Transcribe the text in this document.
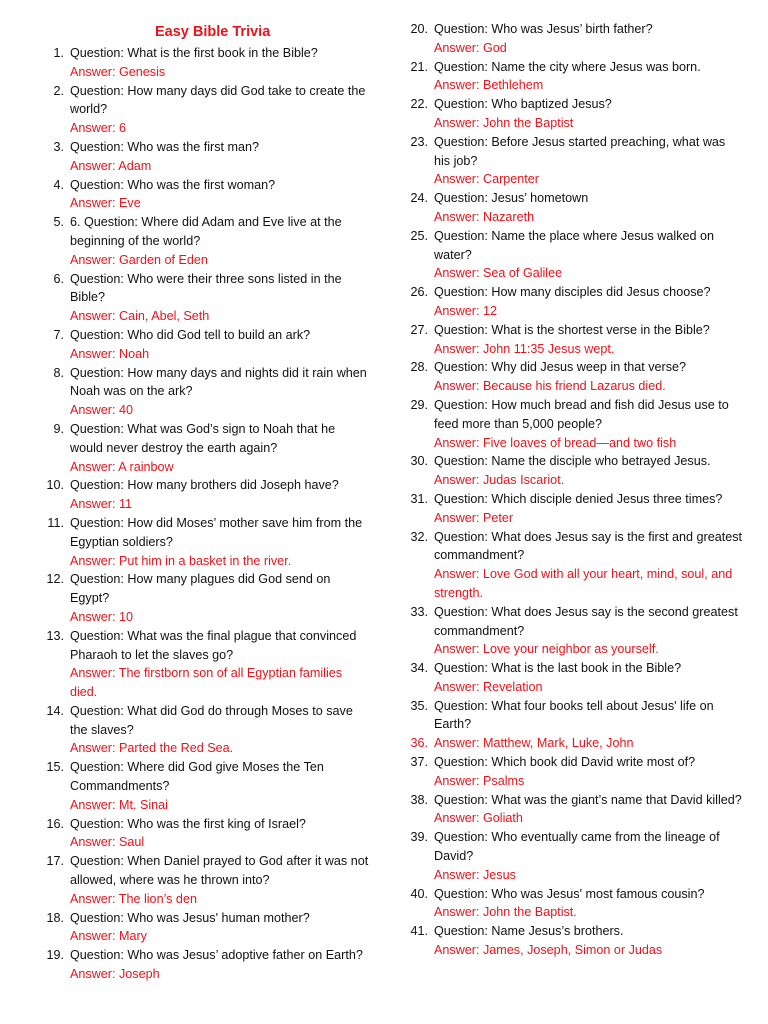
Easy Bible Trivia
1. Question: What is the first book in the Bible?
Answer: Genesis
2. Question: How many days did God take to create the world?
Answer: 6
3. Question: Who was the first man?
Answer: Adam
4. Question: Who was the first woman?
Answer: Eve
5. 6. Question: Where did Adam and Eve live at the beginning of the world?
Answer: Garden of Eden
6. Question: Who were their three sons listed in the Bible?
Answer: Cain, Abel, Seth
7. Question: Who did God tell to build an ark?
Answer: Noah
8. Question: How many days and nights did it rain when Noah was on the ark?
Answer: 40
9. Question: What was God’s sign to Noah that he would never destroy the earth again?
Answer: A rainbow
10. Question: How many brothers did Joseph have?
Answer: 11
11. Question: How did Moses’ mother save him from the Egyptian soldiers?
Answer: Put him in a basket in the river.
12. Question: How many plagues did God send on Egypt?
Answer: 10
13. Question: What was the final plague that convinced Pharaoh to let the slaves go?
Answer: The firstborn son of all Egyptian families died.
14. Question: What did God do through Moses to save the slaves?
Answer: Parted the Red Sea.
15. Question: Where did God give Moses the Ten Commandments?
Answer: Mt. Sinai
16. Question: Who was the first king of Israel?
Answer: Saul
17. Question: When Daniel prayed to God after it was not allowed, where was he thrown into?
Answer: The lion’s den
18. Question: Who was Jesus' human mother?
Answer: Mary
19. Question: Who was Jesus’ adoptive father on Earth?
Answer: Joseph
20. Question: Who was Jesus’ birth father?
Answer: God
21. Question: Name the city where Jesus was born.
Answer: Bethlehem
22. Question: Who baptized Jesus?
Answer: John the Baptist
23. Question: Before Jesus started preaching, what was his job?
Answer: Carpenter
24. Question: Jesus’ hometown
Answer: Nazareth
25. Question: Name the place where Jesus walked on water?
Answer: Sea of Galilee
26. Question: How many disciples did Jesus choose?
Answer: 12
27. Question: What is the shortest verse in the Bible?
Answer: John 11:35 Jesus wept.
28. Question: Why did Jesus weep in that verse?
Answer: Because his friend Lazarus died.
29. Question: How much bread and fish did Jesus use to feed more than 5,000 people?
Answer: Five loaves of bread—and two fish
30. Question: Name the disciple who betrayed Jesus.
Answer: Judas Iscariot.
31. Question: Which disciple denied Jesus three times?
Answer: Peter
32. Question: What does Jesus say is the first and greatest commandment?
Answer: Love God with all your heart, mind, soul, and strength.
33. Question: What does Jesus say is the second greatest commandment?
Answer: Love your neighbor as yourself.
34. Question: What is the last book in the Bible?
Answer: Revelation
35. Question: What four books tell about Jesus' life on Earth?
36. Answer: Matthew, Mark, Luke, John
37. Question: Which book did David write most of?
Answer: Psalms
38. Question: What was the giant’s name that David killed?
Answer: Goliath
39. Question: Who eventually came from the lineage of David?
Answer: Jesus
40. Question: Who was Jesus' most famous cousin?
Answer: John the Baptist.
41. Question: Name Jesus’s brothers.
Answer: James, Joseph, Simon or Judas
